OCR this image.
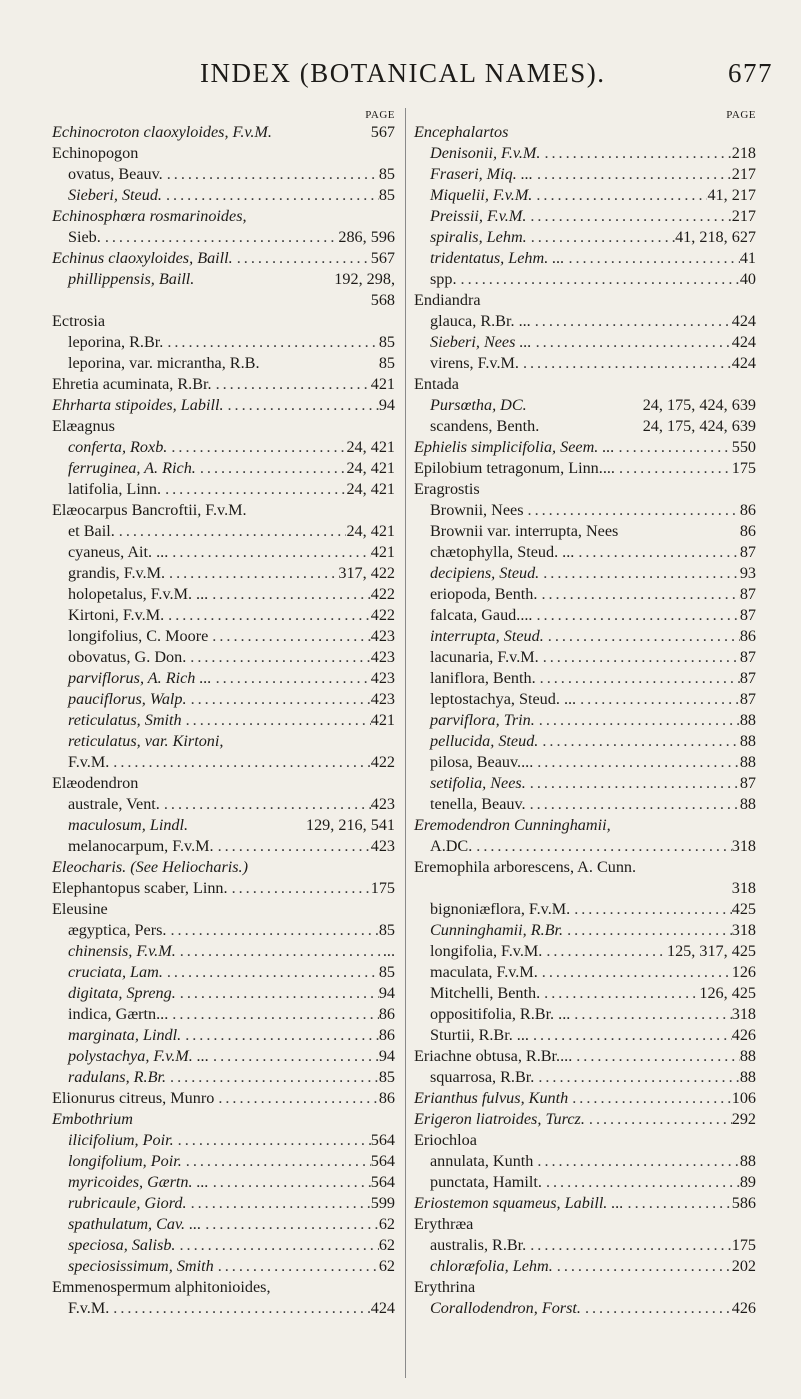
INDEX (BOTANICAL NAMES).	677
PAGE
Echinocroton claoxyloides, F.v.M.	567
Echinopogon
ovatus, Beauv. .....	85
Sieberi, Steud. .....	85
Echinosphœra rosmarinoides,
Sieb. .....	286, 596
Echinus claoxyloides, Baill. .....	567
phillippensis, Baill.	192, 298,
568
Ectrosia
leporina, R.Br. .....	85
leporina, var. micrantha, R.B.	85
Ehretia acuminata, R.Br. .....	421
Ehrharta stipoides, Labill. .....	94
Elæagnus
conferta, Roxb. .....	24, 421
ferruginea, A. Rich. .....	24, 421
latifolia, Linn. .....	24, 421
Elæocarpus Bancroftii, F.v.M.
et Bail. .....	24, 421
cyaneus, Ait. ... .....	421
grandis, F.v.M. .....	317, 422
holopetalus, F.v.M. ... .....	422
Kirtoni, F.v.M. .....	422
longifolius, C. Moore .....	423
obovatus, G. Don. .....	423
parviflorus, A. Rich ... .....	423
pauciflorus, Walp. .....	423
reticulatus, Smith .....	421
reticulatus, var. Kirtoni,
F.v.M. .....	422
Elæodendron
australe, Vent. .....	423
maculosum, Lindl.	129, 216, 541
melanocarpum, F.v.M. .....	423
Eleocharis. (See Heliocharis.)
Elephantopus scaber, Linn. .....	175
Eleusine
ægyptica, Pers. .....	85
chinensis, F.v.M. .....	...
cruciata, Lam. .....	85
digitata, Spreng. .....	94
indica, Gærtn... .....	86
marginata, Lindl. .....	86
polystachya, F.v.M. ... .....	94
radulans, R.Br. .....	85
Elionurus citreus, Munro .....	86
Embothrium
ilicifolium, Poir. .....	564
longifolium, Poir. .....	564
myricoides, Gærtn. ... .....	564
rubricaule, Giord. .....	599
spathulatum, Cav. ... .....	62
speciosa, Salisb. .....	62
speciosissimum, Smith .....	62
Emmenospermum alphitonioides,
F.v.M. .....	424
PAGE
Encephalartos
Denisonii, F.v.M. .....	218
Fraseri, Miq. ... .....	217
Miquelii, F.v.M. .....	41, 217
Preissii, F.v.M. .....	217
spiralis, Lehm. .....	41, 218, 627
tridentatus, Lehm. ... .....	41
spp. .....	40
Endiandra
glauca, R.Br. ... .....	424
Sieberi, Nees ... .....	424
virens, F.v.M. .....	424
Entada
Pursœtha, DC.	24, 175, 424, 639
scandens, Benth.	24, 175, 424, 639
Ephielis simplicifolia, Seem. ... .....	550
Epilobium tetragonum, Linn.... .....	175
Eragrostis
Brownii, Nees .....	86
Brownii var. interrupta, Nees	86
chætophylla, Steud. ... .....	87
decipiens, Steud. .....	93
eriopoda, Benth. .....	87
falcata, Gaud.... .....	87
interrupta, Steud. .....	86
lacunaria, F.v.M. .....	87
laniflora, Benth. .....	87
leptostachya, Steud. ... .....	87
parviflora, Trin. .....	88
pellucida, Steud. .....	88
pilosa, Beauv.... .....	88
setifolia, Nees. .....	87
tenella, Beauv. .....	88
Eremodendron Cunninghamii,
A.DC. .....	318
Eremophila arborescens, A. Cunn.
318
bignoniæflora, F.v.M. .....	425
Cunninghamii, R.Br. .....	318
longifolia, F.v.M. .....	125, 317, 425
maculata, F.v.M. .....	126
Mitchelli, Benth. .....	126, 425
oppositifolia, R.Br. ... .....	318
Sturtii, R.Br. ... .....	426
Eriachne obtusa, R.Br.... .....	88
squarrosa, R.Br. .....	88
Erianthus fulvus, Kunth .....	106
Erigeron liatroides, Turcz. .....	292
Eriochloa
annulata, Kunth .....	88
punctata, Hamilt. .....	89
Eriostemon squameus, Labill. ... .....	586
Erythræa
australis, R.Br. .....	175
chloræfolia, Lehm. .....	202
Erythrina
Corallodendron, Forst. .....	426
